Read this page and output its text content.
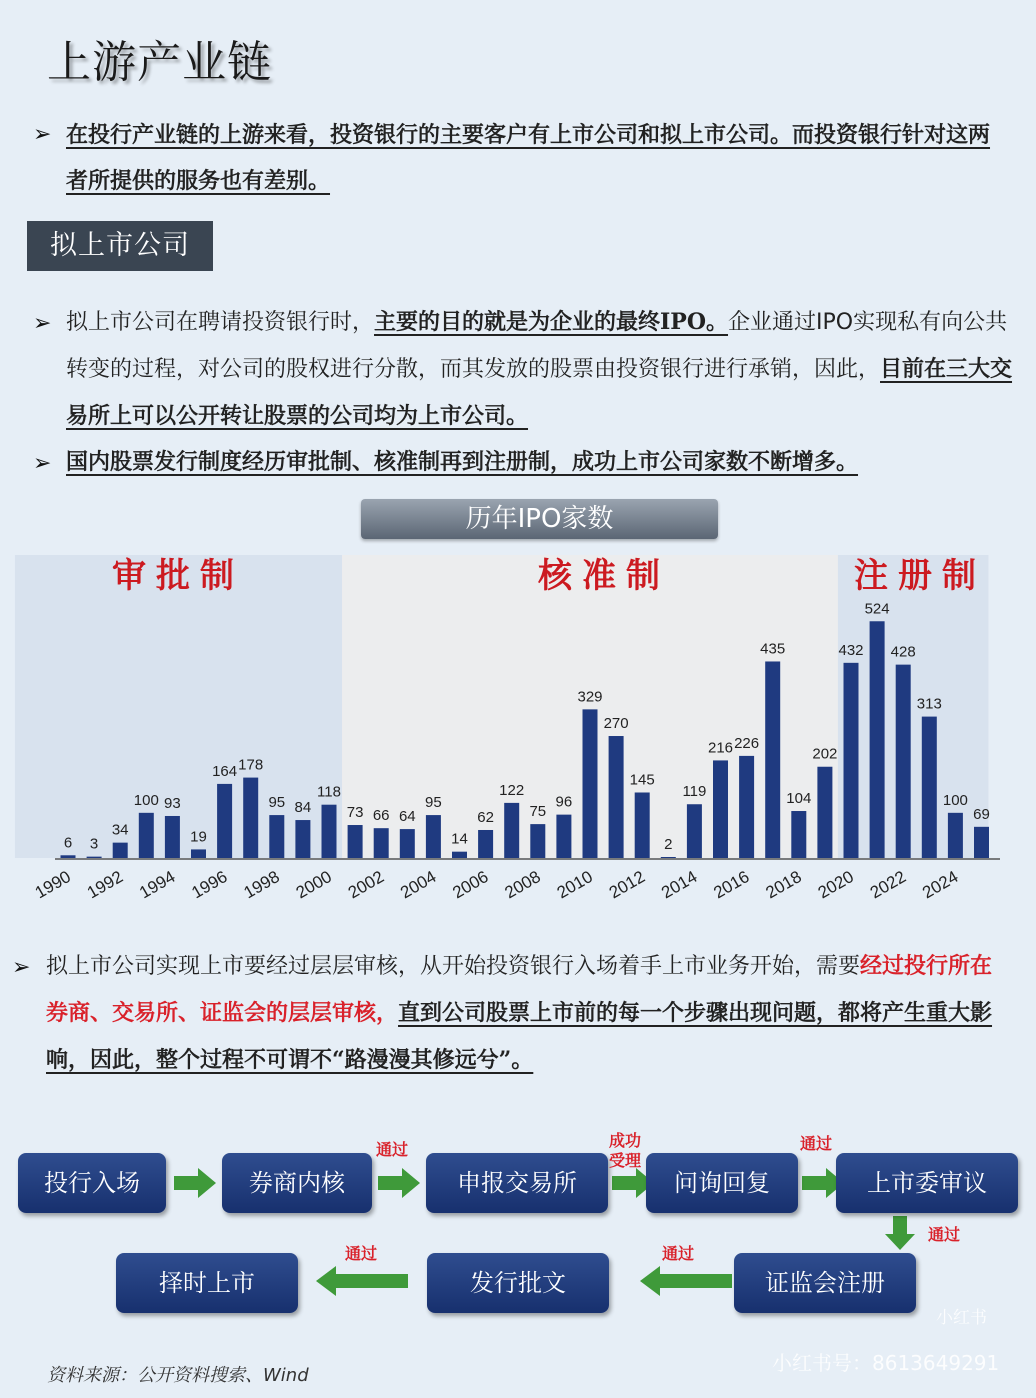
上游产业链
➢ 在投行产业链的上游来看，投资银行的主要客户有上市公司和拟上市公司。而投资银行针对这两者所提供的服务也有差别。
拟上市公司
➢ 拟上市公司在聘请投资银行时，主要的目的就是为企业的最终IPO。企业通过IPO实现私有向公共转变的过程，对公司的股权进行分散，而其发放的股票由投资银行进行承销，因此，目前在三大交易所上可以公开转让股票的公司均为上市公司。
➢ 国内股票发行制度经历审批制、核准制再到注册制，成功上市公司家数不断增多。
历年IPO家数
审批制	核准制	注册制
6 3
34
100 93
19
164 178
95 84
118
73 66 64
95
14
62
122
75
96
329
270
145
2
119
216 226
435
104
202
432
524
428
313
100
69
1990 1992 1994 1996 1998 2000 2002 2004 2006 2008 2010 2012 2014 2016 2018 2020 2022 2024
➢ 拟上市公司实现上市要经过层层审核，从开始投资银行入场着手上市业务开始，需要经过投行所在券商、交易所、证监会的层层审核，直到公司股票上市前的每一个步骤出现问题，都将产生重大影响，因此，整个过程不可谓不“路漫漫其修远兮”。
投行入场	券商内核	申报交易所	问询回复	上市委审议
证监会注册
发行批文
择时上市
通过	成功受理
通过
通过
通过
通过
资料来源：公开资料搜索、Wind
小红书
小红书号：8613649291
